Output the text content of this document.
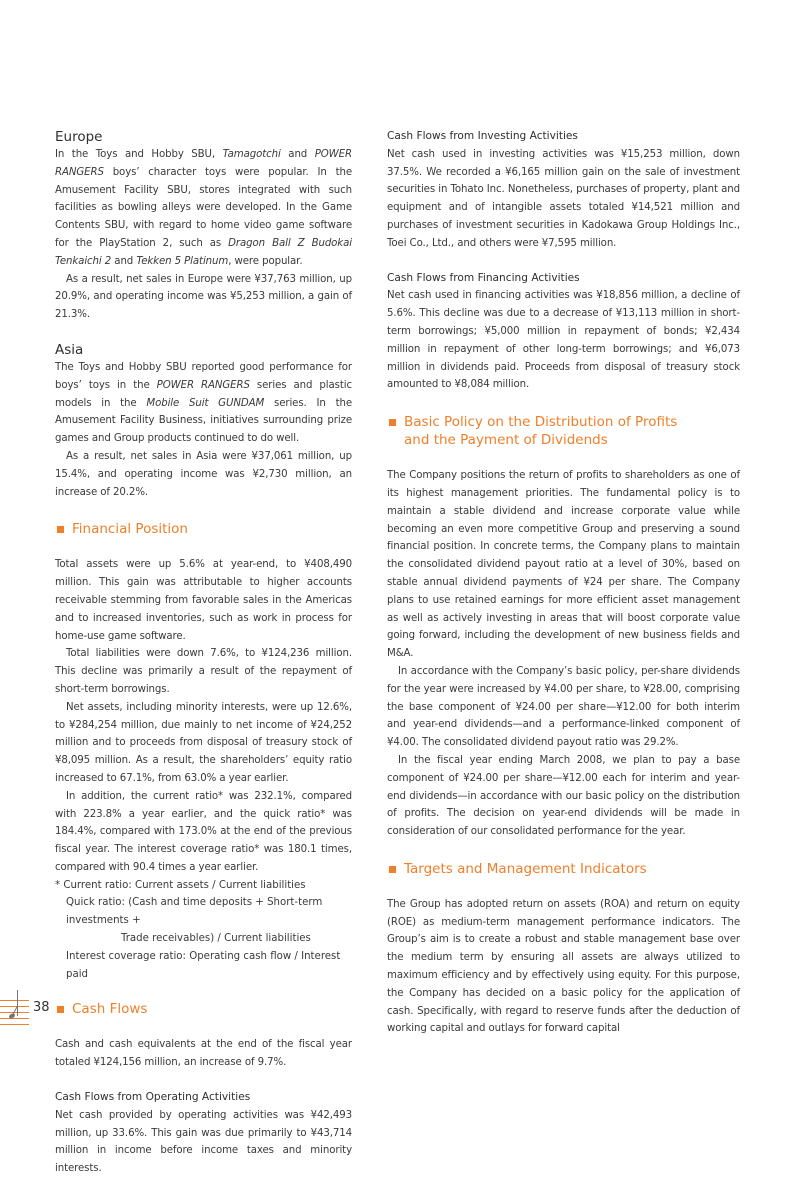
Europe

In the Toys and Hobby SBU, Tamagotchi and POWER RANGERS boys’ character toys were popular. In the Amusement Facility SBU, stores integrated with such facilities as bowling alleys were developed. In the Game Contents SBU, with regard to home video game software for the PlayStation 2, such as Dragon Ball Z Budokai Tenkaichi 2 and Tekken 5 Platinum, were popular.

As a result, net sales in Europe were ¥37,763 million, up 20.9%, and operating income was ¥5,253 million, a gain of 21.3%.

Asia

The Toys and Hobby SBU reported good performance for boys’ toys in the POWER RANGERS series and plastic models in the Mobile Suit GUNDAM series. In the Amusement Facility Business, initiatives surrounding prize games and Group products continued to do well.

As a result, net sales in Asia were ¥37,061 million, up 15.4%, and operating income was ¥2,730 million, an increase of 20.2%.

Financial Position

Total assets were up 5.6% at year-end, to ¥408,490 million. This gain was attributable to higher accounts receivable stemming from favorable sales in the Americas and to increased inventories, such as work in process for home-use game software.

Total liabilities were down 7.6%, to ¥124,236 million. This decline was primarily a result of the repayment of short-term borrowings.

Net assets, including minority interests, were up 12.6%, to ¥284,254 million, due mainly to net income of ¥24,252 million and to proceeds from disposal of treasury stock of ¥8,095 million. As a result, the shareholders’ equity ratio increased to 67.1%, from 63.0% a year earlier.

In addition, the current ratio* was 232.1%, compared with 223.8% a year earlier, and the quick ratio* was 184.4%, compared with 173.0% at the end of the previous fiscal year. The interest coverage ratio* was 180.1 times, compared with 90.4 times a year earlier.

* Current ratio: Current assets / Current liabilities
Quick ratio: (Cash and time deposits + Short-term investments +
Trade receivables) / Current liabilities
Interest coverage ratio: Operating cash flow / Interest paid
Cash Flows

Cash and cash equivalents at the end of the fiscal year totaled ¥124,156 million, an increase of 9.7%.

Cash Flows from Operating Activities

Net cash provided by operating activities was ¥42,493 million, up 33.6%. This gain was due primarily to ¥43,714 million in income before income taxes and minority interests.

Cash Flows from Investing Activities

Net cash used in investing activities was ¥15,253 million, down 37.5%. We recorded a ¥6,165 million gain on the sale of investment securities in Tohato Inc. Nonetheless, purchases of property, plant and equipment and of intangible assets totaled ¥14,521 million and purchases of investment securities in Kadokawa Group Holdings Inc., Toei Co., Ltd., and others were ¥7,595 million.

Cash Flows from Financing Activities

Net cash used in financing activities was ¥18,856 million, a decline of 5.6%. This decline was due to a decrease of ¥13,113 million in short-term borrowings; ¥5,000 million in repayment of bonds; ¥2,434 million in repayment of other long-term borrowings; and ¥6,073 million in dividends paid. Proceeds from disposal of treasury stock amounted to ¥8,084 million.

Basic Policy on the Distribution of Profits
and the Payment of Dividends

The Company positions the return of profits to shareholders as one of its highest management priorities. The fundamental policy is to maintain a stable dividend and increase corporate value while becoming an even more competitive Group and preserving a sound financial position. In concrete terms, the Company plans to maintain the consolidated dividend payout ratio at a level of 30%, based on stable annual dividend payments of ¥24 per share. The Company plans to use retained earnings for more efficient asset management as well as actively investing in areas that will boost corporate value going forward, including the development of new business fields and M&A.

In accordance with the Company’s basic policy, per-share dividends for the year were increased by ¥4.00 per share, to ¥28.00, comprising the base component of ¥24.00 per share—¥12.00 for both interim and year-end dividends—and a performance-linked component of ¥4.00. The consolidated dividend payout ratio was 29.2%.

In the fiscal year ending March 2008, we plan to pay a base component of ¥24.00 per share—¥12.00 each for interim and year-end dividends—in accordance with our basic policy on the distribution of profits. The decision on year-end dividends will be made in consideration of our consolidated performance for the year.

Targets and Management Indicators

The Group has adopted return on assets (ROA) and return on equity (ROE) as medium-term management performance indicators. The Group’s aim is to create a robust and stable management base over the medium term by ensuring all assets are always utilized to maximum efficiency and by effectively using equity. For this purpose, the Company has decided on a basic policy for the application of cash. Specifically, with regard to reserve funds after the deduction of working capital and outlays for forward capital

38
